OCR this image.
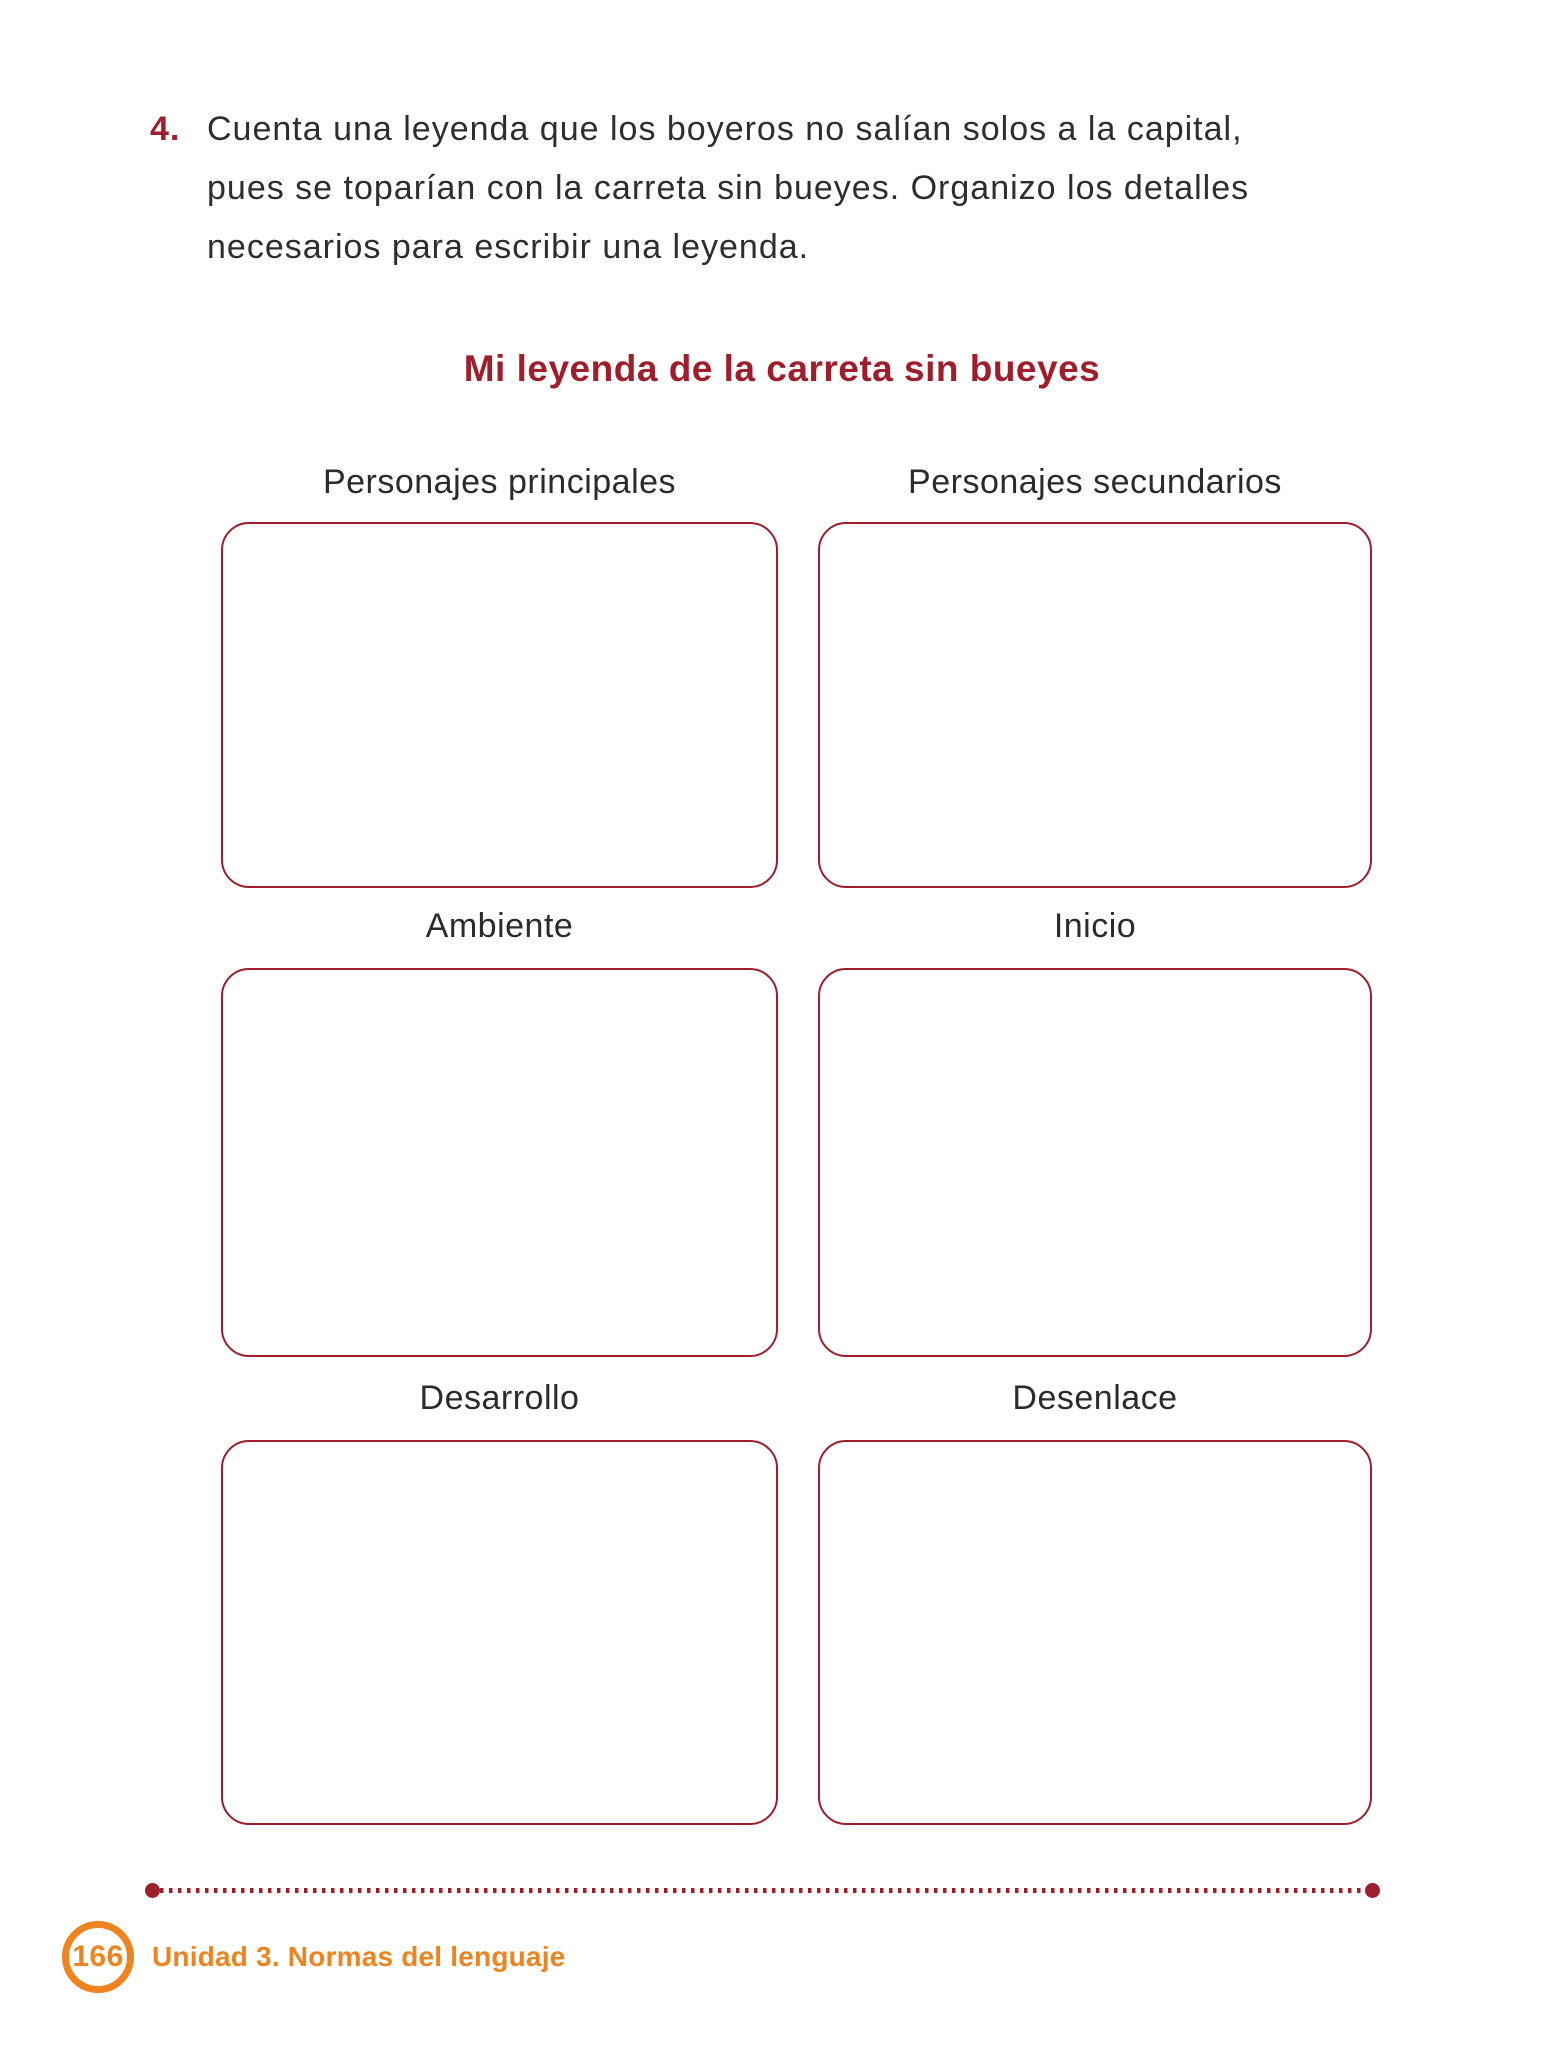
4. Cuenta una leyenda que los boyeros no salían solos a la capital,
pues se toparían con la carreta sin bueyes. Organizo los detalles
necesarios para escribir una leyenda.
Mi leyenda de la carreta sin bueyes
Personajes principales	Personajes secundarios
Ambiente	Inicio
Desarrollo	Desenlace
166	Unidad 3. Normas del lenguaje
